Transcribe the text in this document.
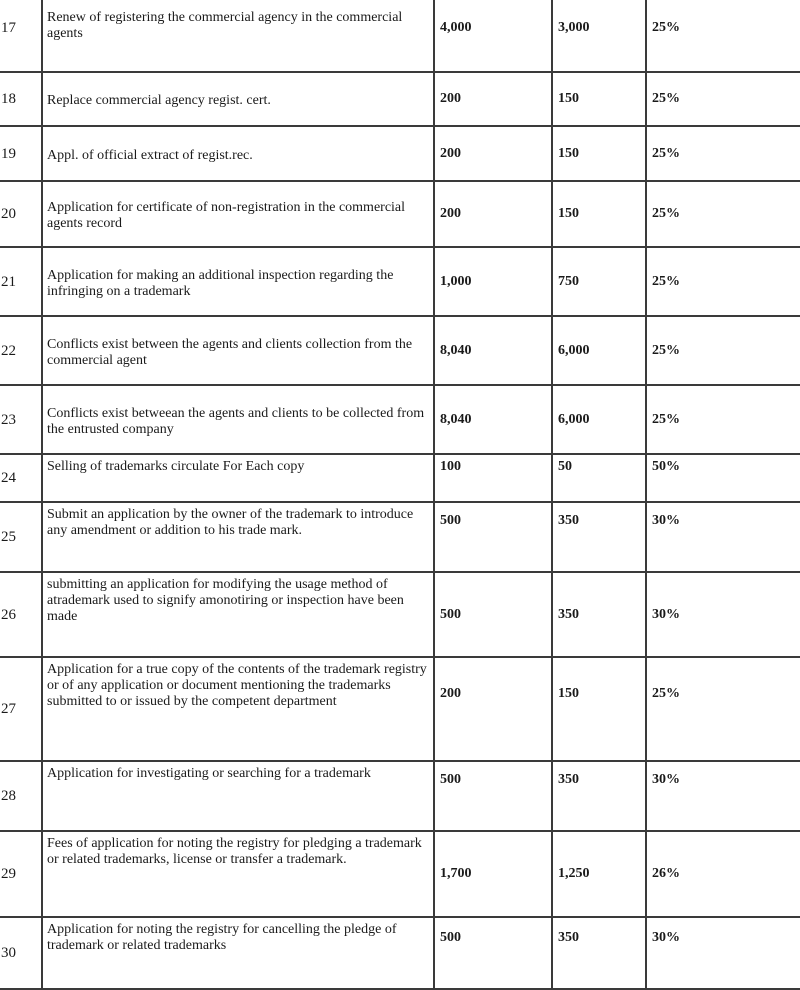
17	Renew of registering the commercial agency in the commercial agents	4,000	3,000	25%
18	Replace commercial agency regist. cert.	200	150	25%
19	Appl. of official extract of regist.rec.	200	150	25%
20	Application for certificate of non-registration in the commercial agents record	200	150	25%
21	Application for making an additional inspection regarding the infringing on a trademark	1,000	750	25%
22	Conflicts exist between the agents and clients collection from the commercial agent	8,040	6,000	25%
23	Conflicts exist betweean the agents and clients to be collected from the entrusted company	8,040	6,000	25%
24	Selling of trademarks circulate For Each copy	100	50	50%
25	Submit an application by the owner of the trademark to introduce any amendment or addition to his trade mark.	500	350	30%
26	submitting an application for modifying the usage method of atrademark used to signify amonotiring or inspection have been made	500	350	30%
27	Application for a true copy of the contents of the trademark registry or of any application or document mentioning the trademarks submitted to or issued by the competent department	200	150	25%
28	Application for investigating or searching for a trademark	500	350	30%
29	Fees of application for noting the registry for pledging a trademark or related trademarks, license or transfer a trademark.	1,700	1,250	26%
30	Application for noting the registry for cancelling the pledge of trademark or related trademarks	500	350	30%
